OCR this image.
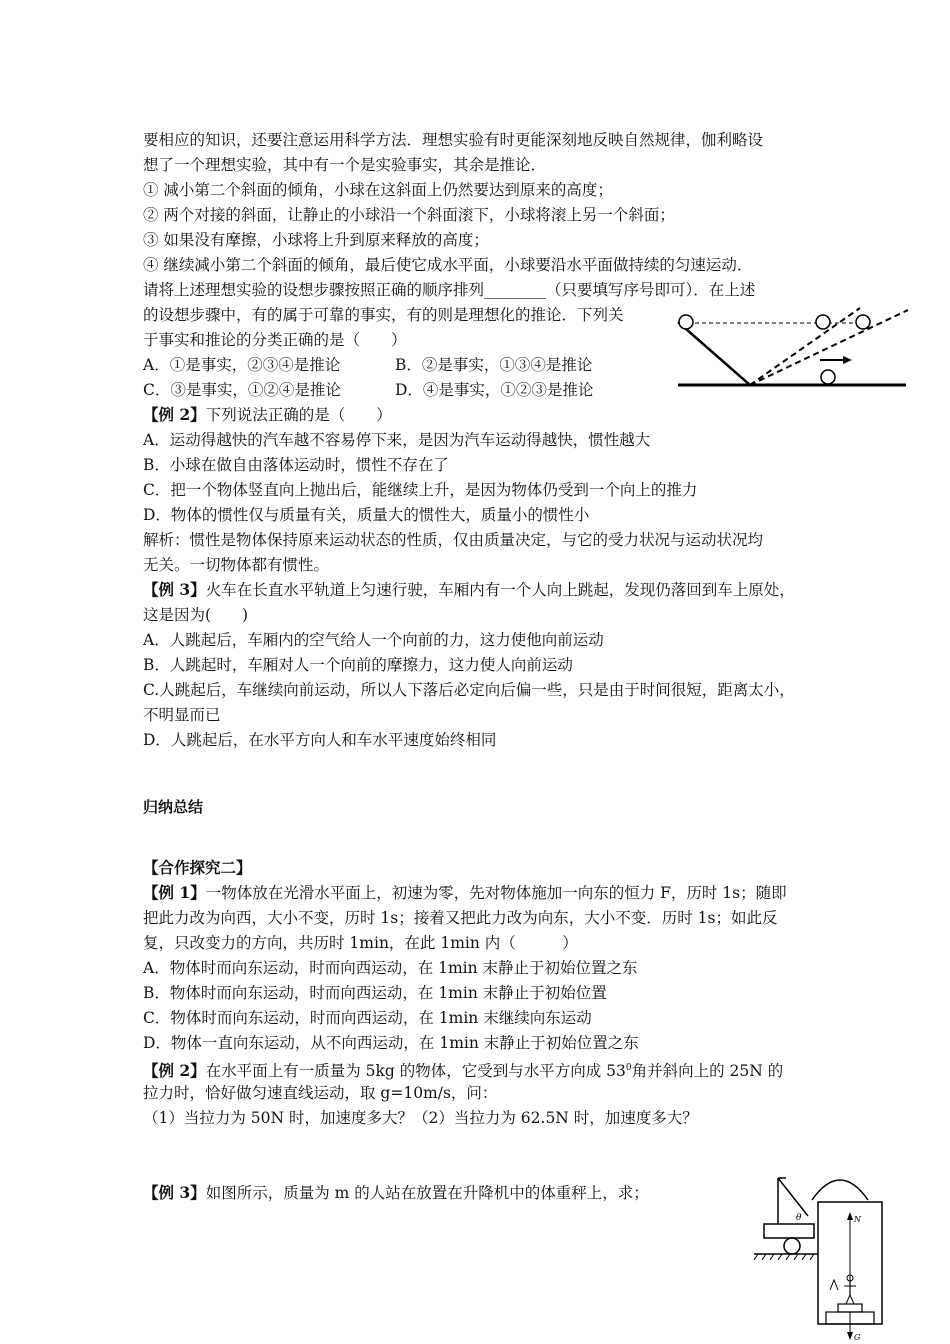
要相应的知识，还要注意运用科学方法．理想实验有时更能深刻地反映自然规律，伽利略设
想了一个理想实验，其中有一个是实验事实，其余是推论．
① 减小第二个斜面的倾角，小球在这斜面上仍然要达到原来的高度；
② 两个对接的斜面，让静止的小球沿一个斜面滚下，小球将滚上另一个斜面；
③ 如果没有摩擦，小球将上升到原来释放的高度；
④ 继续减小第二个斜面的倾角，最后使它成水平面，小球要沿水平面做持续的匀速运动．
请将上述理想实验的设想步骤按照正确的顺序排列________（只要填写序号即可）．在上述
的设想步骤中，有的属于可靠的事实，有的则是理想化的推论．下列关
于事实和推论的分类正确的是（　　）
A．①是事实，②③④是推论	B．②是事实，①③④是推论
C．③是事实，①②④是推论	D．④是事实，①②③是推论
【例 2】下列说法正确的是（　　）
A．运动得越快的汽车越不容易停下来，是因为汽车运动得越快，惯性越大
B．小球在做自由落体运动时，惯性不存在了
C．把一个物体竖直向上抛出后，能继续上升，是因为物体仍受到一个向上的推力
D．物体的惯性仅与质量有关，质量大的惯性大，质量小的惯性小
解析：惯性是物体保持原来运动状态的性质，仅由质量决定，与它的受力状况与运动状况均
无关。一切物体都有惯性。
【例 3】火车在长直水平轨道上匀速行驶，车厢内有一个人向上跳起，发现仍落回到车上原处，
这是因为(　　)
A．人跳起后，车厢内的空气给人一个向前的力，这力使他向前运动
B．人跳起时，车厢对人一个向前的摩擦力，这力使人向前运动
C.人跳起后，车继续向前运动，所以人下落后必定向后偏一些，只是由于时间很短，距离太小，
不明显而已
D．人跳起后，在水平方向人和车水平速度始终相同
归纳总结
【合作探究二】
【例 1】一物体放在光滑水平面上，初速为零，先对物体施加一向东的恒力 F，历时 1s；随即
把此力改为向西，大小不变，历时 1s；接着又把此力改为向东，大小不变．历时 1s；如此反
复，只改变力的方向，共历时 1min，在此 1min 内（　　　）
A．物体时而向东运动，时而向西运动，在 1min 末静止于初始位置之东
B．物体时而向东运动，时而向西运动，在 1min 末静止于初始位置
C．物体时而向东运动，时而向西运动，在 1min 末继续向东运动
D．物体一直向东运动，从不向西运动，在 1min 末静止于初始位置之东
【例 2】在水平面上有一质量为 5kg 的物体，它受到与水平方向成 $53^0$角并斜向上的 25N 的
拉力时，恰好做匀速直线运动，取 g=10m/s，问：
（1）当拉力为 50N 时，加速度多大？（2）当拉力为 62.5N 时，加速度多大？
【例 3】如图所示，质量为 m 的人站在放置在升降机中的体重秤上，求；
θ	N
G
